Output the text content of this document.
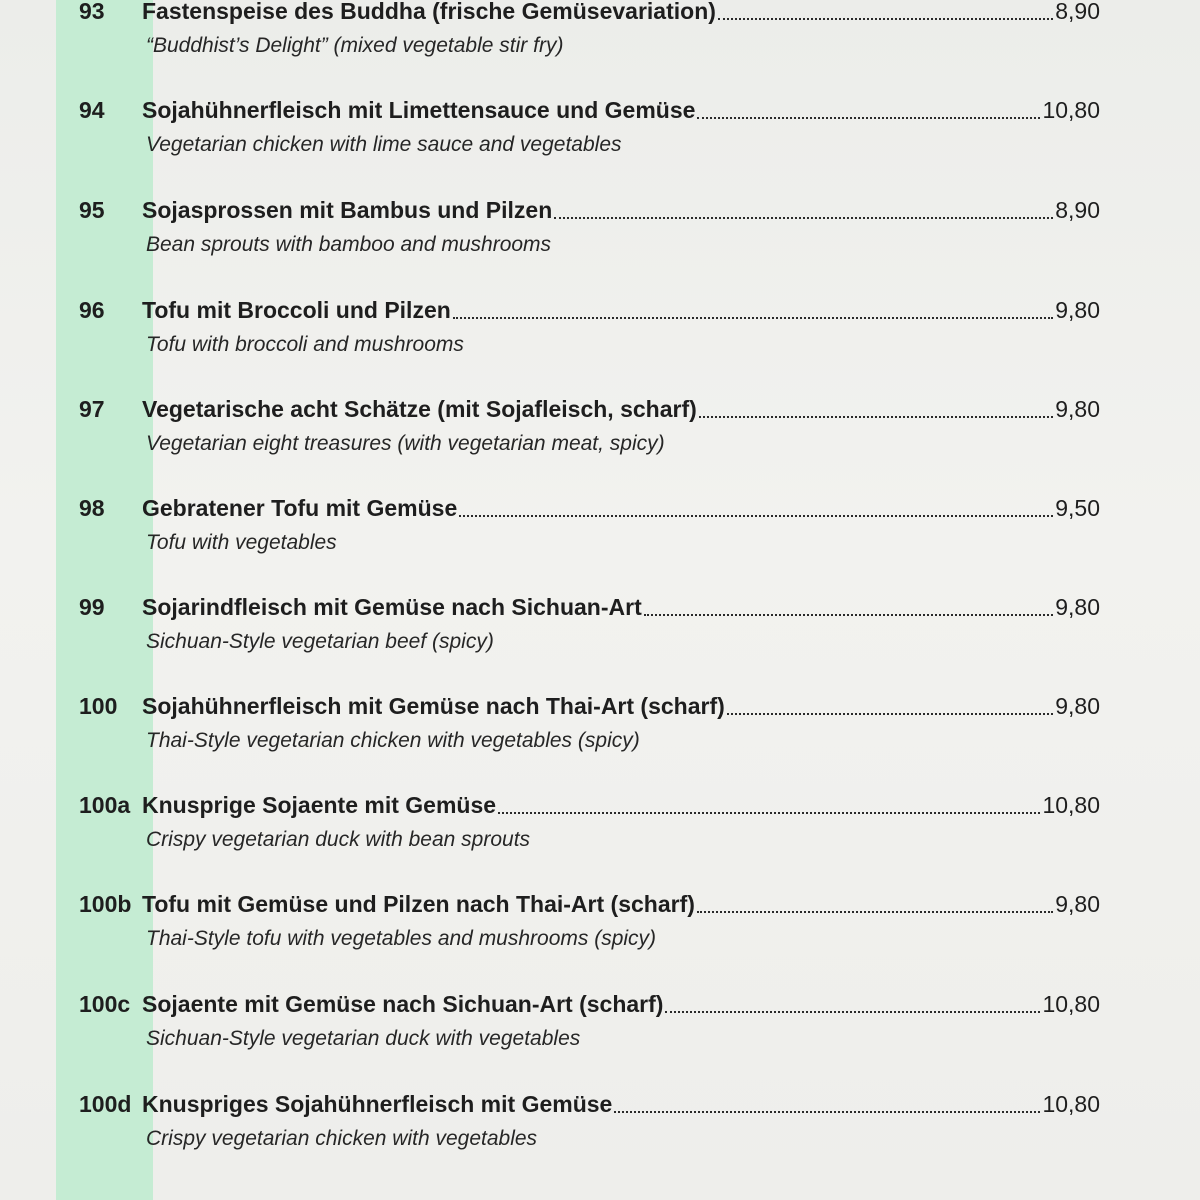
93 Fastenspeise des Buddha (frische Gemüsevariation)	8,90
“Buddhist’s Delight” (mixed vegetable stir fry)
94 Sojahühnerfleisch mit Limettensauce und Gemüse	10,80
Vegetarian chicken with lime sauce and vegetables
95 Sojasprossen mit Bambus und Pilzen	8,90
Bean sprouts with bamboo and mushrooms
96 Tofu mit Broccoli und Pilzen	9,80
Tofu with broccoli and mushrooms
97 Vegetarische acht Schätze (mit Sojafleisch, scharf)	9,80
Vegetarian eight treasures (with vegetarian meat, spicy)
98 Gebratener Tofu mit Gemüse	9,50
Tofu with vegetables
99 Sojarindfleisch mit Gemüse nach Sichuan-Art	9,80
Sichuan-Style vegetarian beef (spicy)
100 Sojahühnerfleisch mit Gemüse nach Thai-Art (scharf)	9,80
Thai-Style vegetarian chicken with vegetables (spicy)
100a Knusprige Sojaente mit Gemüse	10,80
Crispy vegetarian duck with bean sprouts
100b Tofu mit Gemüse und Pilzen nach Thai-Art (scharf)	9,80
Thai-Style tofu with vegetables and mushrooms (spicy)
100c Sojaente mit Gemüse nach Sichuan-Art (scharf)	10,80
Sichuan-Style vegetarian duck with vegetables
100d Knuspriges Sojahühnerfleisch mit Gemüse	10,80
Crispy vegetarian chicken with vegetables
